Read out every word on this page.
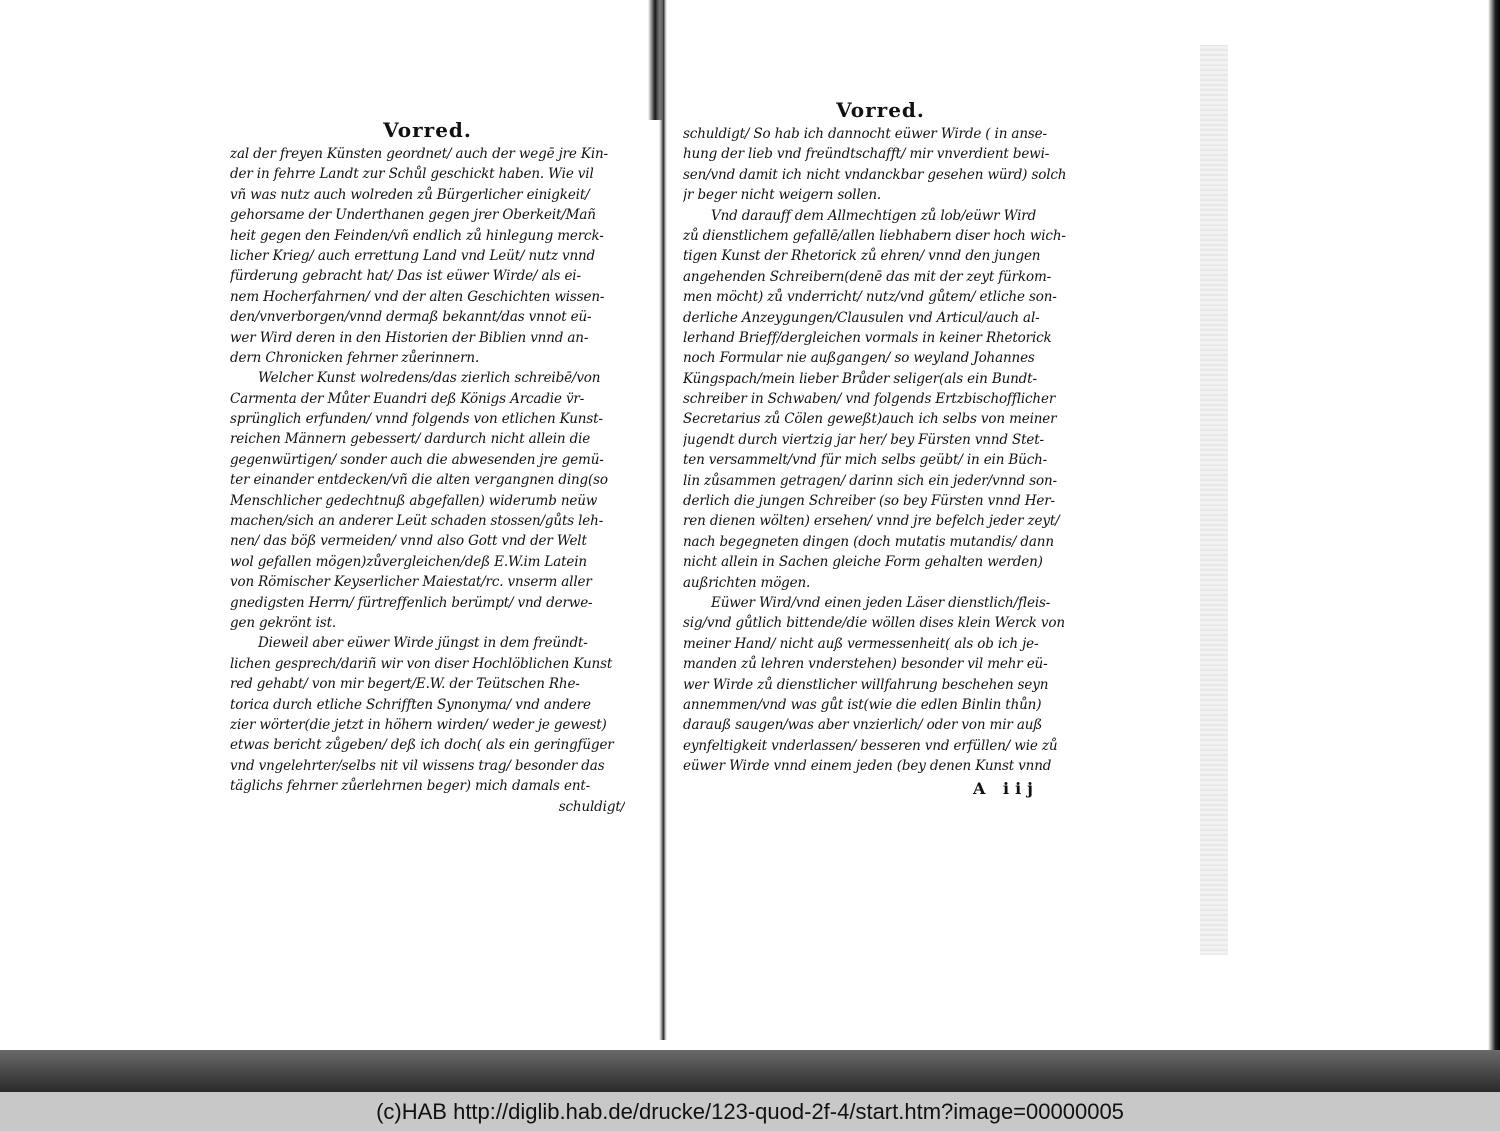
Vorred.
zal der freyen Künsten geordnet/ auch der wegē jre Kin-
der in fehrre Landt zur Schůl geschickt haben. Wie vil
vñ was nutz auch wolreden zů Bürgerlicher einigkeit/
gehorsame der Underthanen gegen jrer Oberkeit/Mañ
heit gegen den Feinden/vñ endlich zů hinlegung merck-
licher Krieg/ auch errettung Land vnd Leüt/ nutz vnnd
fürderung gebracht hat/ Das ist eüwer Wirde/ als ei-
nem Hocherfahrnen/ vnd der alten Geschichten wissen-
den/vnverborgen/vnnd dermaß bekannt/das vnnot eü-
wer Wird deren in den Historien der Biblien vnnd an-
dern Chronicken fehrner zůerinnern.
Welcher Kunst wolredens/das zierlich schreibē/von
Carmenta der Můter Euandri deß Königs Arcadie v̈r-
sprünglich erfunden/ vnnd folgends von etlichen Kunst-
reichen Männern gebessert/ dardurch nicht allein die
gegenwürtigen/ sonder auch die abwesenden jre gemü-
ter einander entdecken/vñ die alten vergangnen ding(so
Menschlicher gedechtnuß abgefallen) widerumb neüw
machen/sich an anderer Leüt schaden stossen/gůts leh-
nen/ das böß vermeiden/ vnnd also Gott vnd der Welt
wol gefallen mögen)zůvergleichen/deß E.W.im Latein
von Römischer Keyserlicher Maiestat/rc. vnserm aller
gnedigsten Herrn/ fürtreffenlich berümpt/ vnd derwe-
gen gekrönt ist.
Dieweil aber eüwer Wirde jüngst in dem freündt-
lichen gesprech/dariñ wir von diser Hochlöblichen Kunst
red gehabt/ von mir begert/E.W. der Teütschen Rhe-
torica durch etliche Schrifften Synonyma/ vnd andere
zier wörter(die jetzt in höhern wirden/ weder je gewest)
etwas bericht zůgeben/ deß ich doch( als ein geringfüger
vnd vngelehrter/selbs nit vil wissens trag/ besonder das
täglichs fehrner zůerlehrnen beger) mich damals ent-
schuldigt/
Vorred.
schuldigt/ So hab ich dannocht eüwer Wirde ( in anse-
hung der lieb vnd freündtschafft/ mir vnverdient bewi-
sen/vnd damit ich nicht vndanckbar gesehen würd) solch
jr beger nicht weigern sollen.
Vnd darauff dem Allmechtigen zů lob/eüwr Wird
zů dienstlichem gefallē/allen liebhabern diser hoch wich-
tigen Kunst der Rhetorick zů ehren/ vnnd den jungen
angehenden Schreibern(denē das mit der zeyt fürkom-
men möcht) zů vnderricht/ nutz/vnd gůtem/ etliche son-
derliche Anzeygungen/Clausulen vnd Articul/auch al-
lerhand Brieff/dergleichen vormals in keiner Rhetorick
noch Formular nie außgangen/ so weyland Johannes
Küngspach/mein lieber Brůder seliger(als ein Bundt-
schreiber in Schwaben/ vnd folgends Ertzbischofflicher
Secretarius zů Cölen geweßt)auch ich selbs von meiner
jugendt durch viertzig jar her/ bey Fürsten vnnd Stet-
ten versammelt/vnd für mich selbs geübt/ in ein Büch-
lin zůsammen getragen/ darinn sich ein jeder/vnnd son-
derlich die jungen Schreiber (so bey Fürsten vnnd Her-
ren dienen wölten) ersehen/ vnnd jre befelch jeder zeyt/
nach begegneten dingen (doch mutatis mutandis/ dann
nicht allein in Sachen gleiche Form gehalten werden)
außrichten mögen.
Eüwer Wird/vnd einen jeden Läser dienstlich/fleis-
sig/vnd gůtlich bittende/die wöllen dises klein Werck von
meiner Hand/ nicht auß vermessenheit( als ob ich je-
manden zů lehren vnderstehen) besonder vil mehr eü-
wer Wirde zů dienstlicher willfahrung beschehen seyn
annemmen/vnd was gůt ist(wie die edlen Binlin thůn)
darauß saugen/was aber vnzierlich/ oder von mir auß
eynfeltigkeit vnderlassen/ besseren vnd erfüllen/ wie zů
eüwer Wirde vnnd einem jeden (bey denen Kunst vnnd
A iij
(c)HAB http://diglib.hab.de/drucke/123-quod-2f-4/start.htm?image=00000005
